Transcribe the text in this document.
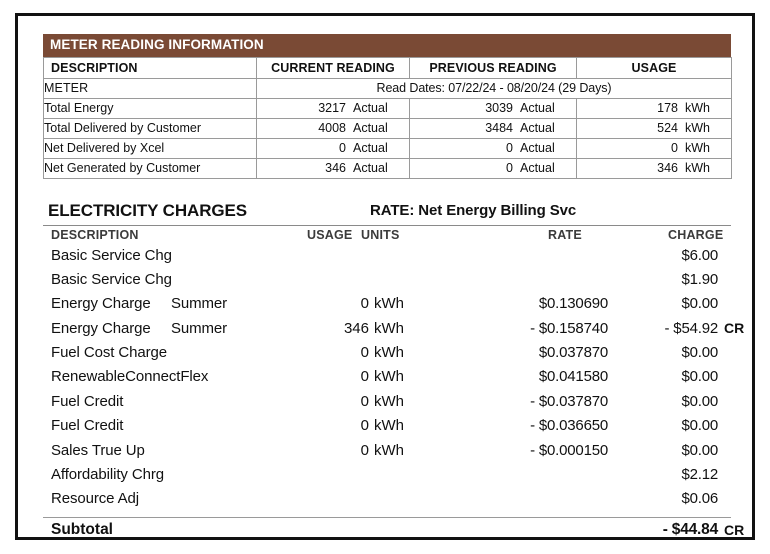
METER READING INFORMATION
METER	Read Dates: 07/22/24 - 08/20/24 (29 Days)		
DESCRIPTION	CURRENT READING	PREVIOUS READING	USAGE
Total Energy	3217 Actual	3039 Actual	178 kWh

Total Delivered by Customer	4008 Actual	3484 Actual	524 kWh

Net Delivered by Xcel	0 Actual	0 Actual	0 kWh

Net Generated by Customer	346 Actual	0 Actual	346 kWh
ELECTRICITY CHARGES	RATE: Net Energy Billing Svc
DESCRIPTION	USAGE UNITS	RATE	CHARGE
Basic Service Chg	$6.00
Basic Service Chg	$1.90
Energy Charge Summer	0 kWh	$0.130690	$0.00
Energy Charge Summer	346 kWh	- $0.158740	- $54.92 CR
Fuel Cost Charge	0 kWh	$0.037870	$0.00
RenewableConnectFlex	0 kWh	$0.041580	$0.00
Fuel Credit	0 kWh	- $0.037870	$0.00
Fuel Credit	0 kWh	- $0.036650	$0.00
Sales True Up	0 kWh	- $0.000150	$0.00
Affordability Chrg	$2.12
Resource Adj	$0.06
Subtotal	- $44.84 CR
